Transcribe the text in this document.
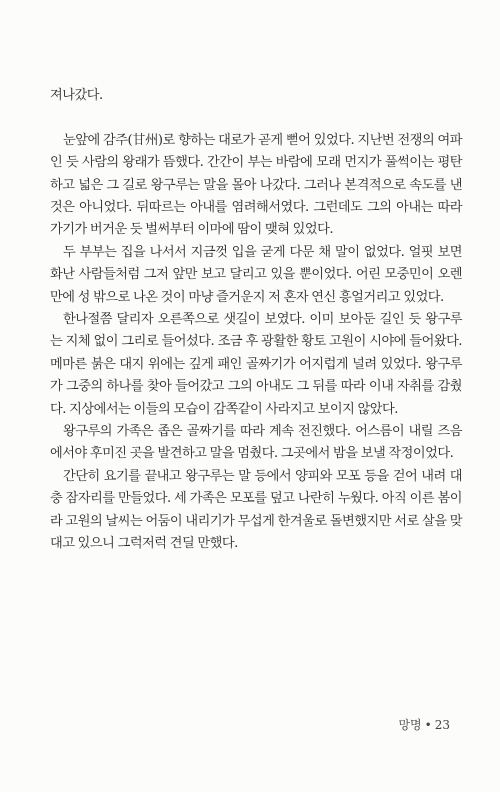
져나갔다.

눈앞에 감주(甘州)로 향하는 대로가 곧게 뻗어 있었다. 지난번 전쟁의 여파인 듯 사람의 왕래가 뜸했다. 간간이 부는 바람에 모래 먼지가 풀썩이는 평탄하고 넓은 그 길로 왕구루는 말을 몰아 나갔다. 그러나 본격적으로 속도를 낸 것은 아니었다. 뒤따르는 아내를 염려해서였다. 그런데도 그의 아내는 따라가기가 버거운 듯 벌써부터 이마에 땀이 맺혀 있었다.

두 부부는 집을 나서서 지금껏 입을 굳게 다문 채 말이 없었다. 얼핏 보면 화난 사람들처럼 그저 앞만 보고 달리고 있을 뿐이었다. 어린 모중민이 오렌만에 성 밖으로 나온 것이 마냥 즐거운지 저 혼자 연신 흥얼거리고 있었다.

한나절쯤 달리자 오른쪽으로 샛길이 보였다. 이미 보아둔 길인 듯 왕구루는 지체 없이 그리로 들어섰다. 조금 후 광활한 황토 고원이 시야에 들어왔다. 메마른 붉은 대지 위에는 깊게 패인 골짜기가 어지럽게 널려 있었다. 왕구루가 그중의 하나를 찾아 들어갔고 그의 아내도 그 뒤를 따라 이내 자취를 감췄다. 지상에서는 이들의 모습이 감쪽같이 사라지고 보이지 않았다.

왕구루의 가족은 좁은 골짜기를 따라 계속 전진했다. 어스름이 내릴 즈음에서야 후미진 곳을 발견하고 말을 멈췄다. 그곳에서 밤을 보낼 작정이었다.

간단히 요기를 끝내고 왕구루는 말 등에서 양피와 모포 등을 걷어 내려 대충 잠자리를 만들었다. 세 가족은 모포를 덮고 나란히 누웠다. 아직 이른 봄이라 고원의 날씨는 어둠이 내리기가 무섭게 한겨울로 돌변했지만 서로 살을 맞대고 있으니 그럭저럭 견딜 만했다.

망명 • 23
